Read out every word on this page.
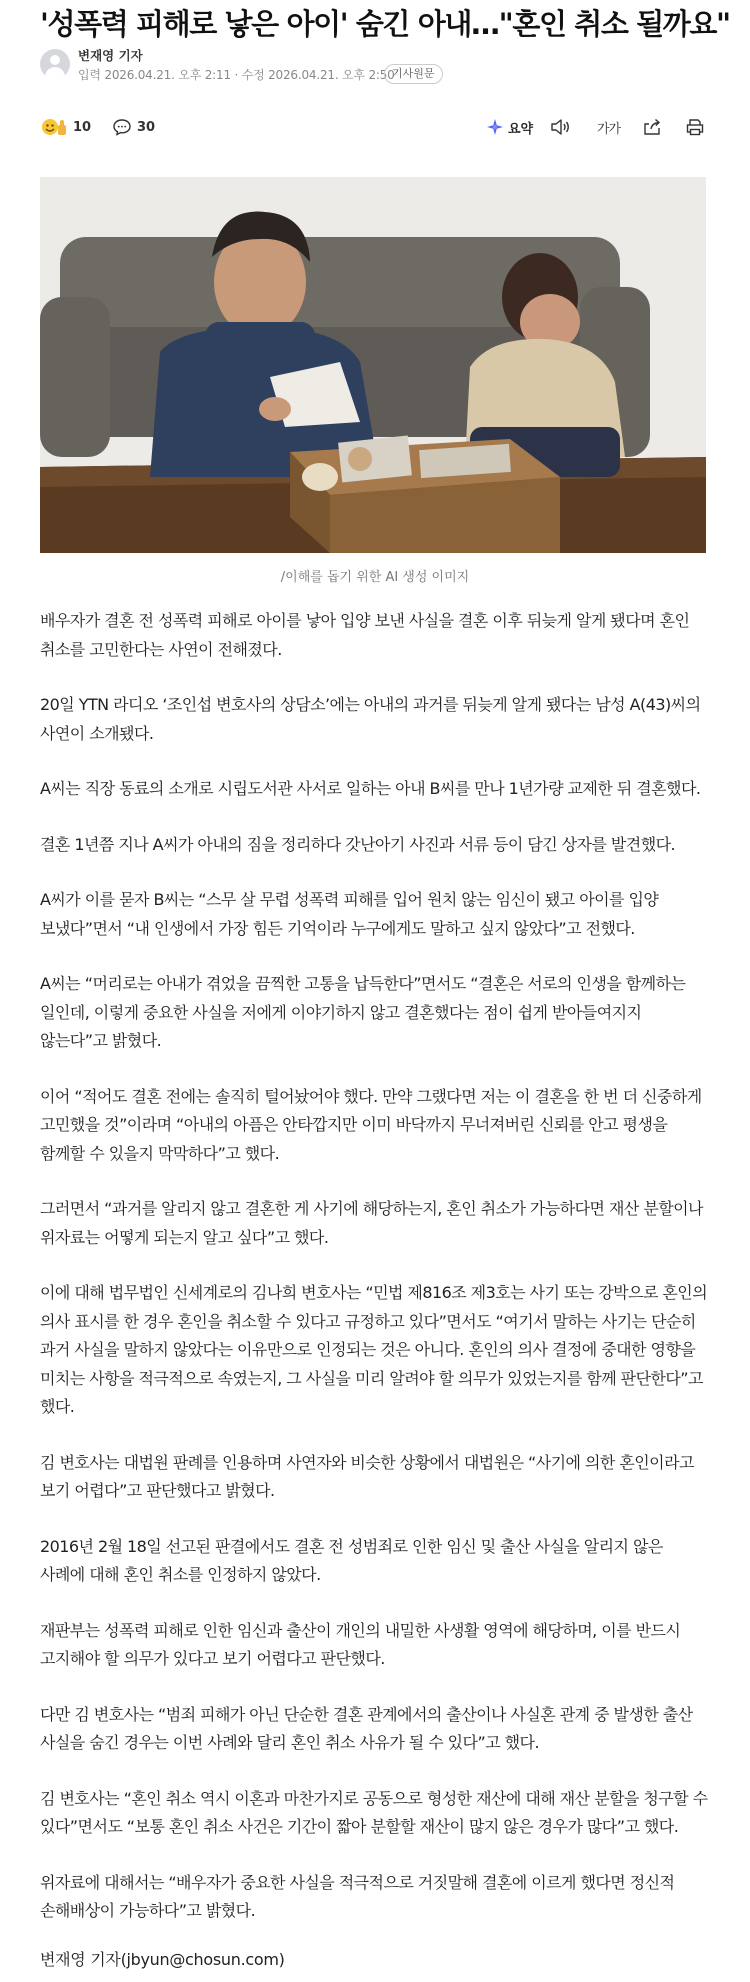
'성폭력 피해로 낳은 아이' 숨긴 아내…"혼인 취소 될까요"
변재영 기자
입력 2026.04.21. 오후 2:11 · 수정 2026.04.21. 오후 2:50
기사원문
10	30	요약	가가
/이해를 돕기 위한 AI 생성 이미지

배우자가 결혼 전 성폭력 피해로 아이를 낳아 입양 보낸 사실을 결혼 이후 뒤늦게 알게 됐다며 혼인 취소를 고민한다는 사연이 전해졌다.

20일 YTN 라디오 ‘조인섭 변호사의 상담소’에는 아내의 과거를 뒤늦게 알게 됐다는 남성 A(43)씨의 사연이 소개됐다.

A씨는 직장 동료의 소개로 시립도서관 사서로 일하는 아내 B씨를 만나 1년가량 교제한 뒤 결혼했다.

결혼 1년쯤 지나 A씨가 아내의 짐을 정리하다 갓난아기 사진과 서류 등이 담긴 상자를 발견했다.

A씨가 이를 묻자 B씨는 “스무 살 무렵 성폭력 피해를 입어 원치 않는 임신이 됐고 아이를 입양 보냈다”면서 “내 인생에서 가장 힘든 기억이라 누구에게도 말하고 싶지 않았다”고 전했다.

A씨는 “머리로는 아내가 겪었을 끔찍한 고통을 납득한다”면서도 “결혼은 서로의 인생을 함께하는 일인데, 이렇게 중요한 사실을 저에게 이야기하지 않고 결혼했다는 점이 쉽게 받아들여지지 않는다”고 밝혔다.

이어 “적어도 결혼 전에는 솔직히 털어놨어야 했다. 만약 그랬다면 저는 이 결혼을 한 번 더 신중하게 고민했을 것”이라며 “아내의 아픔은 안타깝지만 이미 바닥까지 무너져버린 신뢰를 안고 평생을 함께할 수 있을지 막막하다”고 했다.

그러면서 “과거를 알리지 않고 결혼한 게 사기에 해당하는지, 혼인 취소가 가능하다면 재산 분할이나 위자료는 어떻게 되는지 알고 싶다”고 했다.

이에 대해 법무법인 신세계로의 김나희 변호사는 “민법 제816조 제3호는 사기 또는 강박으로 혼인의 의사 표시를 한 경우 혼인을 취소할 수 있다고 규정하고 있다”면서도 “여기서 말하는 사기는 단순히 과거 사실을 말하지 않았다는 이유만으로 인정되는 것은 아니다. 혼인의 의사 결정에 중대한 영향을 미치는 사항을 적극적으로 속였는지, 그 사실을 미리 알려야 할 의무가 있었는지를 함께 판단한다”고 했다.

김 변호사는 대법원 판례를 인용하며 사연자와 비슷한 상황에서 대법원은 “사기에 의한 혼인이라고 보기 어렵다”고 판단했다고 밝혔다.

2016년 2월 18일 선고된 판결에서도 결혼 전 성범죄로 인한 임신 및 출산 사실을 알리지 않은 사례에 대해 혼인 취소를 인정하지 않았다.

재판부는 성폭력 피해로 인한 임신과 출산이 개인의 내밀한 사생활 영역에 해당하며, 이를 반드시 고지해야 할 의무가 있다고 보기 어렵다고 판단했다.

다만 김 변호사는 “범죄 피해가 아닌 단순한 결혼 관계에서의 출산이나 사실혼 관계 중 발생한 출산 사실을 숨긴 경우는 이번 사례와 달리 혼인 취소 사유가 될 수 있다”고 했다.

김 변호사는 “혼인 취소 역시 이혼과 마찬가지로 공동으로 형성한 재산에 대해 재산 분할을 청구할 수 있다”면서도 “보통 혼인 취소 사건은 기간이 짧아 분할할 재산이 많지 않은 경우가 많다”고 했다.

위자료에 대해서는 “배우자가 중요한 사실을 적극적으로 거짓말해 결혼에 이르게 했다면 정신적 손해배상이 가능하다”고 밝혔다.

변재영 기자(jbyun@chosun.com)
